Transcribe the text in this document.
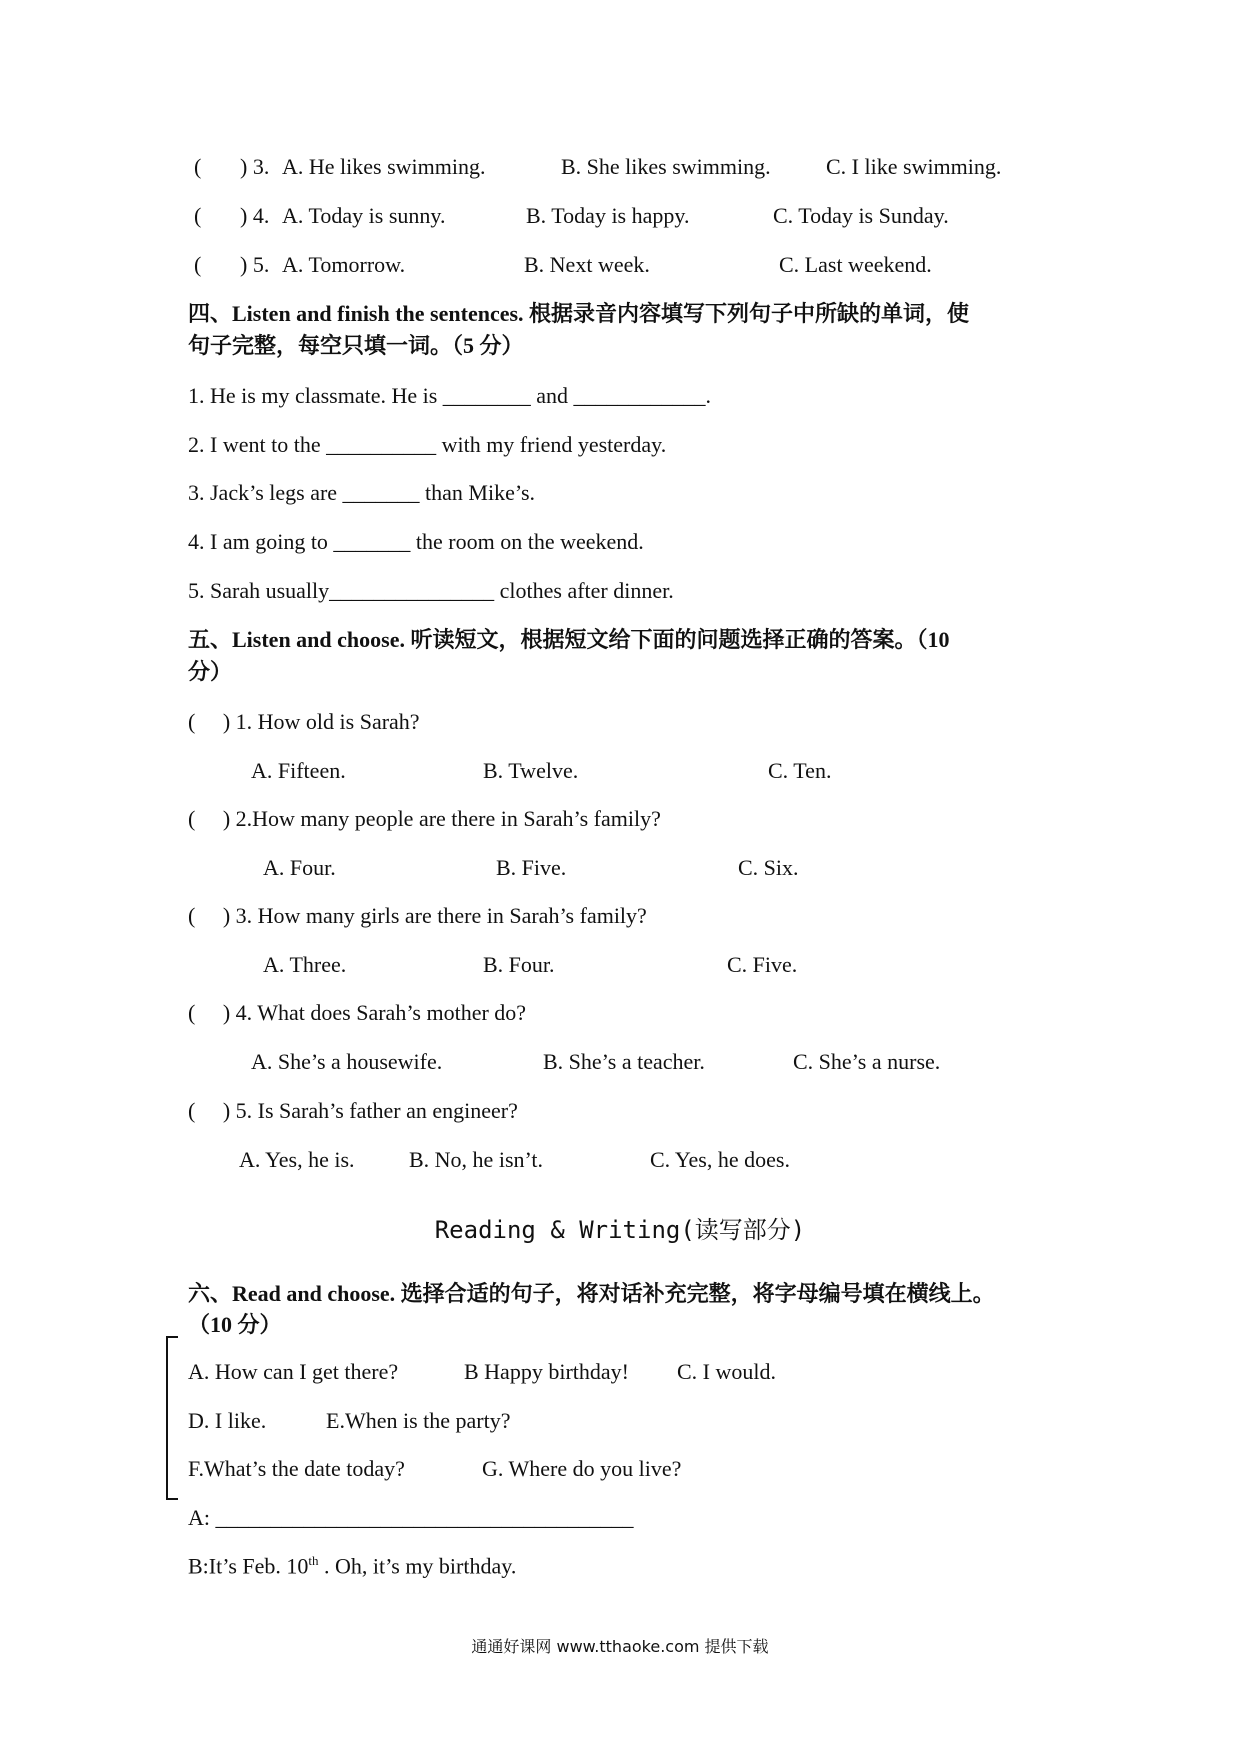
( ) 3. A. He likes swimming.	B. She likes swimming.	C. I like swimming.
( ) 4. A. Today is sunny.	B. Today is happy.	C. Today is Sunday.
( ) 5. A. Tomorrow.	B. Next week.	C. Last weekend.
四、Listen and finish the sentences. 根据录音内容填写下列句子中所缺的单词，使
句子完整，每空只填一词。（5 分）
1. He is my classmate. He is ________ and ____________.
2. I went to the __________ with my friend yesterday.
3. Jack’s legs are _______ than Mike’s.
4. I am going to _______ the room on the weekend.
5. Sarah usually_______________ clothes after dinner.
五、Listen and choose. 听读短文，根据短文给下面的问题选择正确的答案。（10
分）
(     ) 1. How old is Sarah?
A. Fifteen.	B. Twelve.	C. Ten.
(     ) 2.How many people are there in Sarah’s family?
A. Four.	B. Five.	C. Six.
(     ) 3. How many girls are there in Sarah’s family?
A. Three.	B. Four.	C. Five.
(     ) 4. What does Sarah’s mother do?
A. She’s a housewife.	B. She’s a teacher.	C. She’s a nurse.
(     ) 5. Is Sarah’s father an engineer?
A. Yes, he is. B. No, he isn’t.	C. Yes, he does.
Reading & Writing(读写部分)
六、Read and choose. 选择合适的句子，将对话补充完整，将字母编号填在横线上。
（10 分）
A. How can I get there?	B Happy birthday! C. I would.
D. I like.	E.When is the party?
F.What’s the date today?	G. Where do you live?
A: ______________________________________
B:It’s Feb. 10th . Oh, it’s my birthday.
通通好课网 www.tthaoke.com 提供下载
